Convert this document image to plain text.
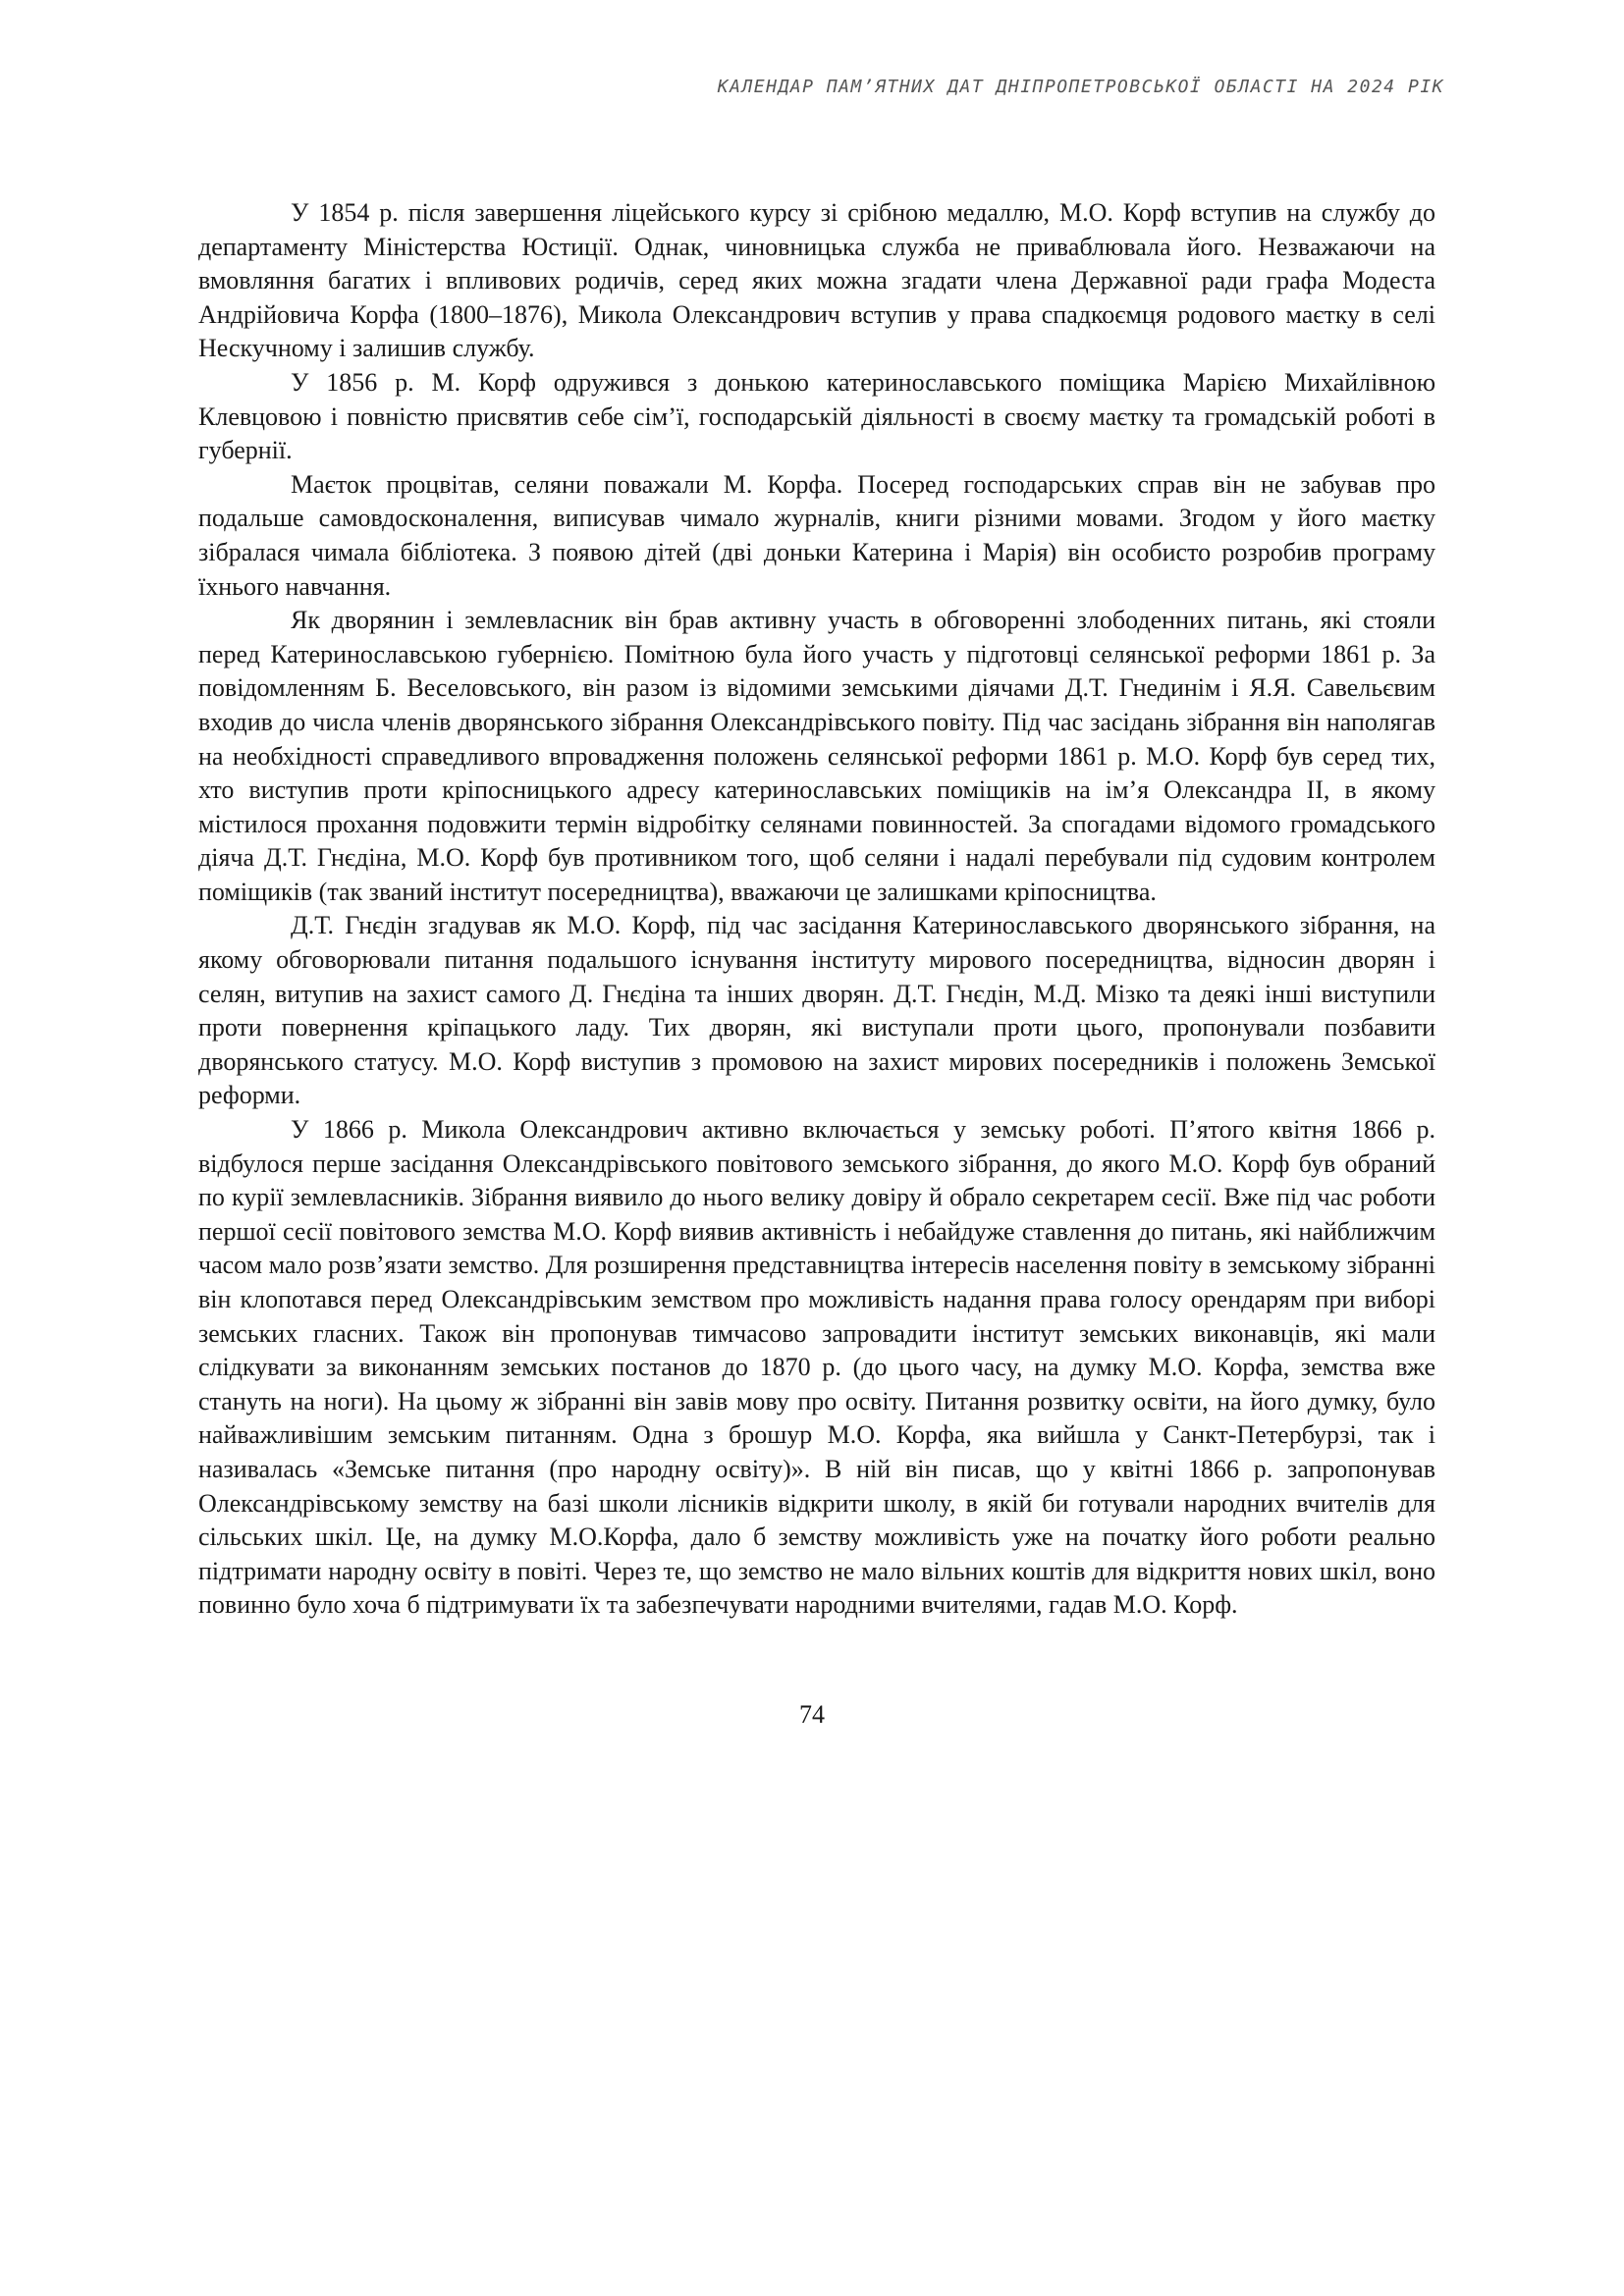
КАЛЕНДАР ПАМ’ЯТНИХ ДАТ ДНІПРОПЕТРОВСЬКОЇ ОБЛАСТІ НА 2024 РІК

У 1854 р. після завершення ліцейського курсу зі срібною медаллю, М.О. Корф вступив на службу до департаменту Міністерства Юстиції. Однак, чиновницька служба не приваблювала його. Незважаючи на вмовляння багатих і впливових родичів, серед яких можна згадати члена Державної ради графа Модеста Андрійовича Корфа (1800–1876), Микола Олександрович вступив у права спадкоємця родового маєтку в селі Нескучному і залишив службу.

У 1856 р. М. Корф одружився з донькою катеринославського поміщика Марією Михайлівною Клевцовою і повністю присвятив себе сім’ї, господарській діяльності в своєму маєтку та громадській роботі в губернії.

Маєток процвітав, селяни поважали М. Корфа. Посеред господарських справ він не забував про подальше самовдосконалення, виписував чимало журналів, книги різними мовами. Згодом у його маєтку зібралася чимала бібліотека. З появою дітей (дві доньки Катерина і Марія) він особисто розробив програму їхнього навчання.

Як дворянин і землевласник він брав активну участь в обговоренні злободенних питань, які стояли перед Катеринославською губернією. Помітною була його участь у підготовці селянської реформи 1861 р. За повідомленням Б. Веселовського, він разом із відомими земськими діячами Д.Т. Гнединім і Я.Я. Савельєвим входив до числа членів дворянського зібрання Олександрівського повіту. Під час засідань зібрання він наполягав на необхідності справедливого впровадження положень селянської реформи 1861 р. М.О. Корф був серед тих, хто виступив проти кріпосницького адресу катеринославських поміщиків на ім’я Олександра II, в якому містилося прохання подовжити термін відробітку селянами повинностей. За спогадами відомого громадського діяча Д.Т. Гнєдіна, М.О. Корф був противником того, щоб селяни і надалі перебували під судовим контролем поміщиків (так званий інститут посередництва), вважаючи це залишками кріпосництва.

Д.Т. Гнєдін згадував як М.О. Корф, під час засідання Катеринославського дворянського зібрання, на якому обговорювали питання подальшого існування інституту мирового посередництва, відносин дворян і селян, витупив на захист самого Д. Гнєдіна та інших дворян. Д.Т. Гнєдін, М.Д. Мізко та деякі інші виступили проти повернення кріпацького ладу. Тих дворян, які виступали проти цього, пропонували позбавити дворянського статусу. М.О. Корф виступив з промовою на захист мирових посередників і положень Земської реформи.

У 1866 р. Микола Олександрович активно включається у земську роботі. П’ятого квітня 1866 р. відбулося перше засідання Олександрівського повітового земського зібрання, до якого М.О. Корф був обраний по курії землевласників. Зібрання виявило до нього велику довіру й обрало секретарем сесії. Вже під час роботи першої сесії повітового земства М.О. Корф виявив активність і небайдуже ставлення до питань, які найближчим часом мало розв’язати земство. Для розширення представництва інтересів населення повіту в земському зібранні він клопотався перед Олександрівським земством про можливість надання права голосу орендарям при виборі земських гласних. Також він пропонував тимчасово запровадити інститут земських виконавців, які мали слідкувати за виконанням земських постанов до 1870 р. (до цього часу, на думку М.О. Корфа, земства вже стануть на ноги). На цьому ж зібранні він завів мову про освіту. Питання розвитку освіти, на його думку, було найважливішим земським питанням. Одна з брошур М.О. Корфа, яка вийшла у Санкт-Петербурзі, так і називалась «Земське питання (про народну освіту)». В ній він писав, що у квітні 1866 р. запропонував Олександрівському земству на базі школи лісників відкрити школу, в якій би готували народних вчителів для сільських шкіл. Це, на думку М.О.Корфа, дало б земству можливість уже на початку його роботи реально підтримати народну освіту в повіті. Через те, що земство не мало вільних коштів для відкриття нових шкіл, воно повинно було хоча б підтримувати їх та забезпечувати народними вчителями, гадав М.О. Корф.

74
